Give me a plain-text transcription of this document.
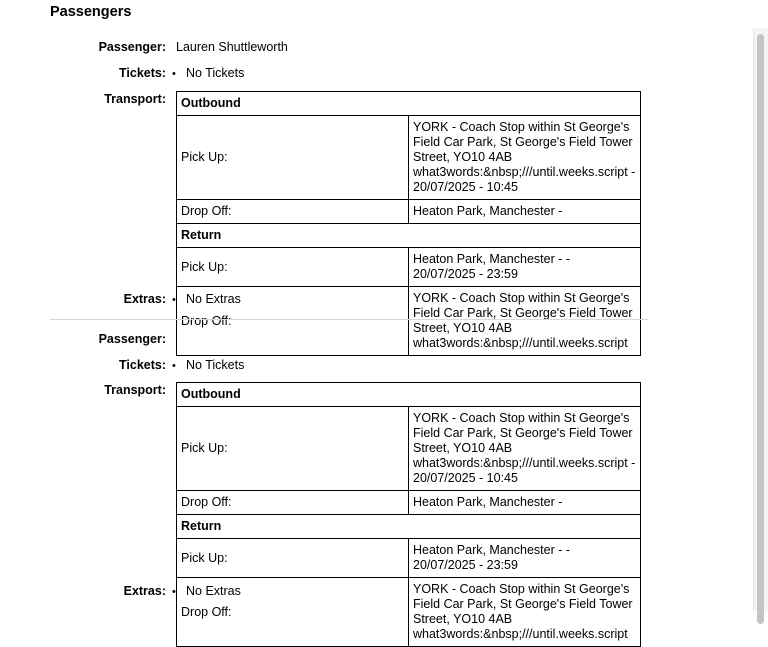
Passengers
Passenger: Lauren Shuttleworth
Tickets: • No Tickets
Transport: Outbound	
Pick Up:	YORK - Coach Stop within St George's Field Car Park, St George's Field Tower Street, YO10 4AB what3words:&nbsp;///until.weeks.script - 20/07/2025 - 10:45
Drop Off:	Heaton Park, Manchester -
Return	
Pick Up:	Heaton Park, Manchester - - 20/07/2025 - 23:59
Drop Off:	YORK - Coach Stop within St George's Field Car Park, St George's Field Tower Street, YO10 4AB what3words:&nbsp;///until.weeks.script
Extras: • No Extras
Passenger:
Tickets: • No Tickets
Transport: Outbound	
Pick Up:	YORK - Coach Stop within St George's Field Car Park, St George's Field Tower Street, YO10 4AB what3words:&nbsp;///until.weeks.script - 20/07/2025 - 10:45
Drop Off:	Heaton Park, Manchester -
Return	
Pick Up:	Heaton Park, Manchester - - 20/07/2025 - 23:59
Drop Off:	YORK - Coach Stop within St George's Field Car Park, St George's Field Tower Street, YO10 4AB what3words:&nbsp;///until.weeks.script
Extras: • No Extras
